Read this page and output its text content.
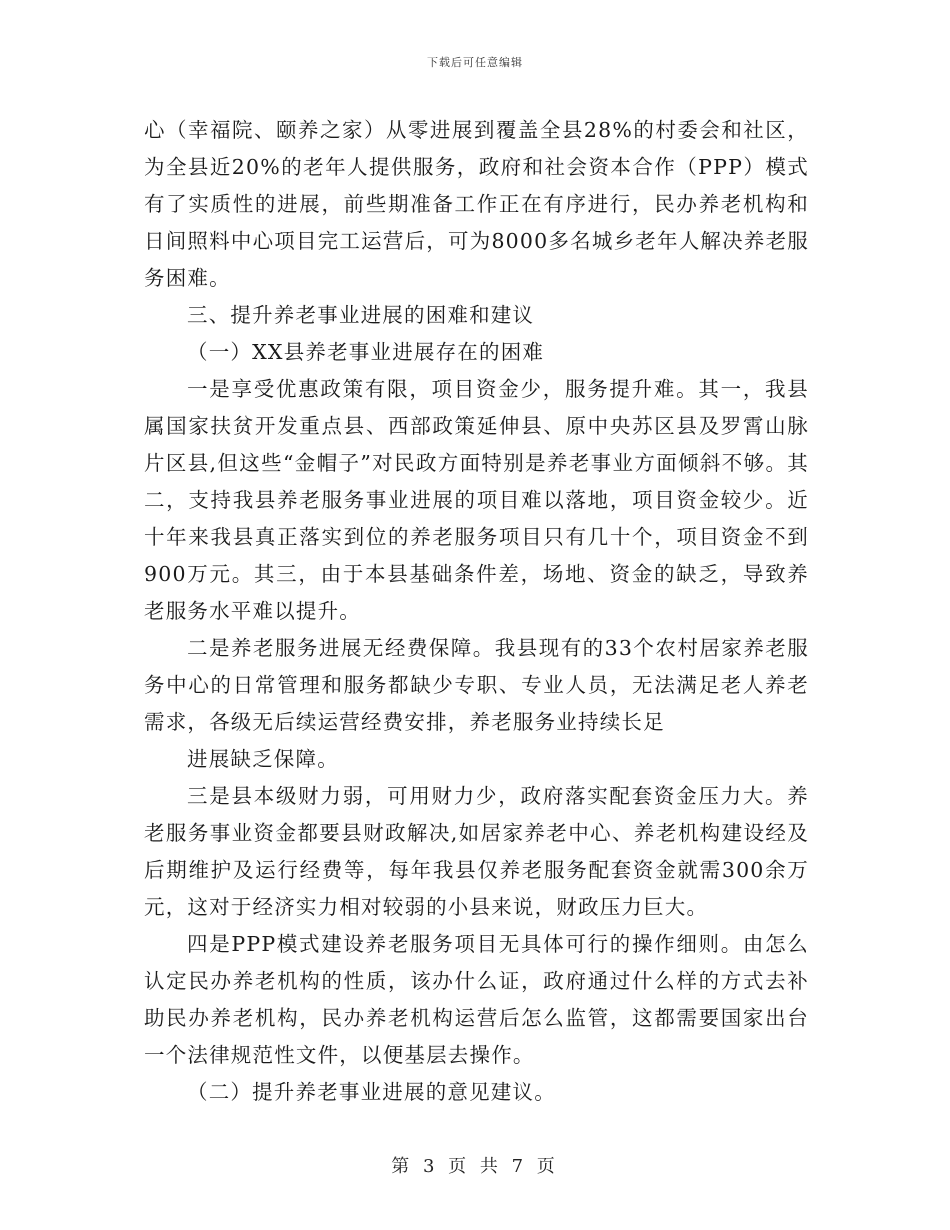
下载后可任意编辑

心（幸福院、颐养之家）从零进展到覆盖全县28%的村委会和社区，为全县近20%的老年人提供服务，政府和社会资本合作（PPP）模式有了实质性的进展，前些期准备工作正在有序进行，民办养老机构和日间照料中心项目完工运营后，可为8000多名城乡老年人解决养老服务困难。

三、提升养老事业进展的困难和建议

（一）XX县养老事业进展存在的困难

一是享受优惠政策有限，项目资金少，服务提升难。其一，我县属国家扶贫开发重点县、西部政策延伸县、原中央苏区县及罗霄山脉片区县,但这些“金帽子”对民政方面特别是养老事业方面倾斜不够。其二，支持我县养老服务事业进展的项目难以落地，项目资金较少。近十年来我县真正落实到位的养老服务项目只有几十个，项目资金不到900万元。其三，由于本县基础条件差，场地、资金的缺乏，导致养老服务水平难以提升。

二是养老服务进展无经费保障。我县现有的33个农村居家养老服务中心的日常管理和服务都缺少专职、专业人员，无法满足老人养老需求，各级无后续运营经费安排，养老服务业持续长足

进展缺乏保障。

三是县本级财力弱，可用财力少，政府落实配套资金压力大。养老服务事业资金都要县财政解决,如居家养老中心、养老机构建设经及后期维护及运行经费等，每年我县仅养老服务配套资金就需300余万元，这对于经济实力相对较弱的小县来说，财政压力巨大。

四是PPP模式建设养老服务项目无具体可行的操作细则。由怎么认定民办养老机构的性质，该办什么证，政府通过什么样的方式去补助民办养老机构，民办养老机构运营后怎么监管，这都需要国家出台一个法律规范性文件，以便基层去操作。

（二）提升养老事业进展的意见建议。

第 3 页 共 7 页
